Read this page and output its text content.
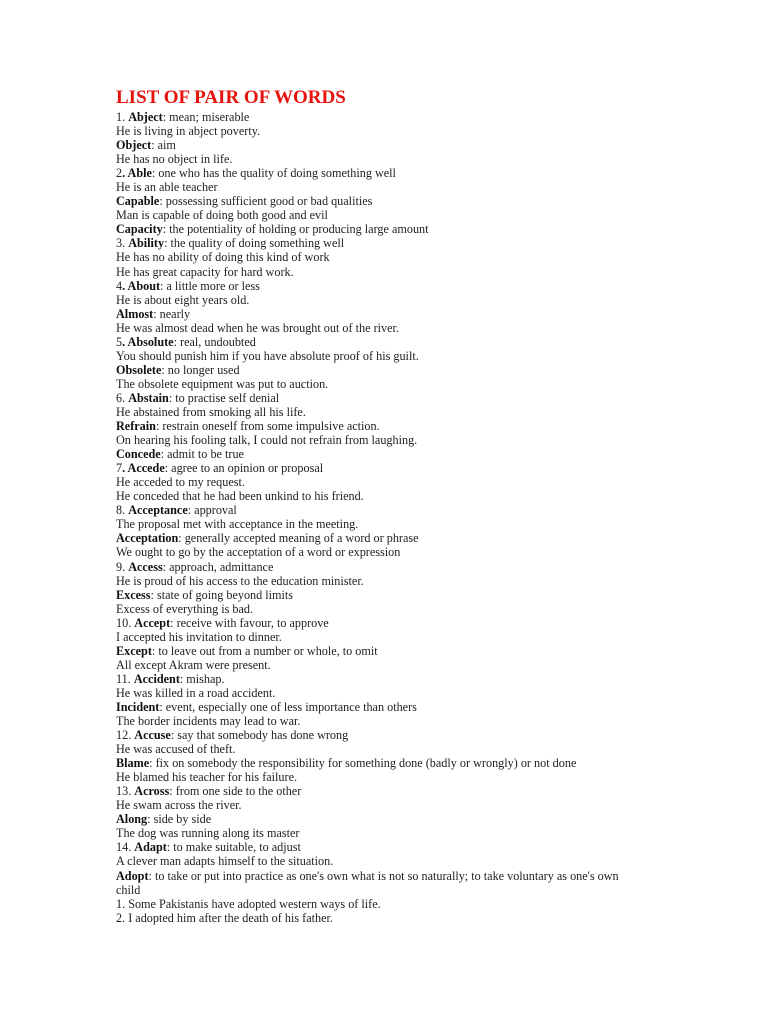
LIST OF PAIR OF WORDS
1. Abject: mean; miserable
He is living in abject poverty.
Object: aim
He has no object in life.
2. Able: one who has the quality of doing something well
He is an able teacher
Capable: possessing sufficient good or bad qualities
Man is capable of doing both good and evil
Capacity: the potentiality of holding or producing large amount
3. Ability: the quality of doing something well
He has no ability of doing this kind of work
He has great capacity for hard work.
4. About: a little more or less
He is about eight years old.
Almost: nearly
He was almost dead when he was brought out of the river.
5. Absolute: real, undoubted
You should punish him if you have absolute proof of his guilt.
Obsolete: no longer used
The obsolete equipment was put to auction.
6. Abstain: to practise self denial
He abstained from smoking all his life.
Refrain: restrain oneself from some impulsive action.
On hearing his fooling talk, I could not refrain from laughing.
Concede: admit to be true
7. Accede: agree to an opinion or proposal
He acceded to my request.
He conceded that he had been unkind to his friend.
8. Acceptance: approval
The proposal met with acceptance in the meeting.
Acceptation: generally accepted meaning of a word or phrase
We ought to go by the acceptation of a word or expression
9. Access: approach, admittance
He is proud of his access to the education minister.
Excess: state of going beyond limits
Excess of everything is bad.
10. Accept: receive with favour, to approve
I accepted his invitation to dinner.
Except: to leave out from a number or whole, to omit
All except Akram were present.
11. Accident: mishap.
He was killed in a road accident.
Incident: event, especially one of less importance than others
The border incidents may lead to war.
12. Accuse: say that somebody has done wrong
He was accused of theft.
Blame: fix on somebody the responsibility for something done (badly or wrongly) or not done
He blamed his teacher for his failure.
13. Across: from one side to the other
He swam across the river.
Along: side by side
The dog was running along its master
14. Adapt: to make suitable, to adjust
A clever man adapts himself to the situation.
Adopt: to take or put into practice as one's own what is not so naturally; to take voluntary as one's own
child
1. Some Pakistanis have adopted western ways of life.
2. I adopted him after the death of his father.
